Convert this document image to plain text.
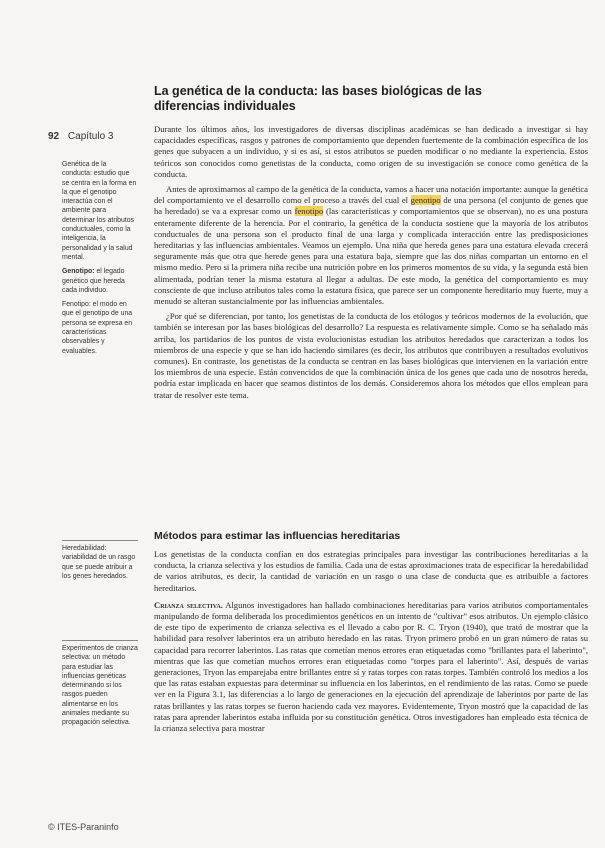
La genética de la conducta: las bases biológicas de las diferencias individuales
92 Capítulo 3

Genética de la conducta: estudio que se centra en la forma en la que el genotipo interactúa con el ambiente para determinar los atributos conductuales, como la inteligencia, la personalidad y la salud mental.

Genotipo: el legado genético que hereda cada individuo.

Fenotipo: el modo en que el genotipo de una persona se expresa en características observables y evaluables.

Heredabilidad: variabilidad de un rasgo que se puede atribuir a los genes heredados.

Experimentos de crianza selectiva: un método para estudiar las influencias genéticas determinando si los rasgos pueden alimentarse en los animales mediante su propagación selectiva.

Durante los últimos años, los investigadores de diversas disciplinas académicas se han dedicado a investigar si hay capacidades específicas, rasgos y patrones de comportamiento que dependen fuertemente de la combinación específica de los genes que subyacen a un individuo, y si es así, si estos atributos se pueden modificar o no mediante la experiencia. Estos teóricos son conocidos como genetistas de la conducta, como origen de su investigación se conoce como genética de la conducta.

Antes de aproximarnos al campo de la genética de la conducta, vamos a hacer una notación importante: aunque la genética del comportamiento ve el desarrollo como el proceso a través del cual el genotipo de una persona (el conjunto de genes que ha heredado) se va a expresar como un fenotipo (las características y comportamientos que se observan), no es una postura enteramente diferente de la herencia. Por el contrario, la genética de la conducta sostiene que la mayoría de los atributos conductuales de una persona son el producto final de una larga y complicada interacción entre las predisposiciones hereditarias y las influencias ambientales. Veamos un ejemplo. Una niña que hereda genes para una estatura elevada crecerá seguramente más que otra que herede genes para una estatura baja, siempre que las dos niñas compartan un entorno en el mismo medio. Pero si la primera niña recibe una nutrición pobre en los primeros momentos de su vida, y la segunda está bien alimentada, podrían tener la misma estatura al llegar a adultas. De este modo, la genética del comportamiento es muy consciente de que incluso atributos tales como la estatura física, que parece ser un componente hereditario muy fuerte, muy a menudo se alteran sustancialmente por las influencias ambientales.

¿Por qué se diferencian, por tanto, los genetistas de la conducta de los etólogos y teóricos modernos de la evolución, que también se interesan por las bases biológicas del desarrollo? La respuesta es relativamente simple. Como se ha señalado más arriba, los partidarios de los puntos de vista evolucionistas estudian los atributos heredados que caracterizan a todos los miembros de una especie y que se han ido haciendo similares (es decir, los atributos que contribuyen a resultados evolutivos comunes). En contraste, los genetistas de la conducta se centran en las bases biológicas que intervienen en la variación entre los miembros de una especie. Están convencidos de que la combinación única de los genes que cada uno de nosotros hereda, podría estar implicada en hacer que seamos distintos de los demás. Consideremos ahora los métodos que ellos emplean para tratar de resolver este tema.

Métodos para estimar las influencias hereditarias

Los genetistas de la conducta confían en dos estrategias principales para investigar las contribuciones hereditarias a la conducta, la crianza selectiva y los estudios de familia. Cada una de estas aproximaciones trata de especificar la heredabilidad de varios atributos, es decir, la cantidad de variación en un rasgo o una clase de conducta que es atribuible a factores hereditarios.

Crianza selectiva. Algunos investigadores han hallado combinaciones hereditarias para varios atributos comportamentales manipulando de forma deliberada los procedimientos genéticos en un intento de "cultivar" esos atributos. Un ejemplo clásico de este tipo de experimento de crianza selectiva es el llevado a cabo por R. C. Tryon (1940), que trató de mostrar que la habilidad para resolver laberintos era un atributo heredado en las ratas. Tryon primero probó en un gran número de ratas su capacidad para recorrer laberintos. Las ratas que cometían menos errores eran etiquetadas como "brillantes para el laberinto", mientras que las que cometían muchos errores eran etiquetadas como "torpes para el laberinto". Así, después de varias generaciones, Tryon las emparejaba entre brillantes entre sí y ratas torpes con ratas torpes. También controló los medios a los que las ratas estaban expuestas para determinar su influencia en los laberintos, en el rendimiento de las ratas. Como se puede ver en la Figura 3.1, las diferencias a lo largo de generaciones en la ejecución del aprendizaje de laberintos por parte de las ratas brillantes y las ratas torpes se fueron haciendo cada vez mayores. Evidentemente, Tryon mostró que la capacidad de las ratas para aprender laberintos estaba influida por su constitución genética. Otros investigadores han empleado esta técnica de la crianza selectiva para mostrar

© ITES-Paraninfo
